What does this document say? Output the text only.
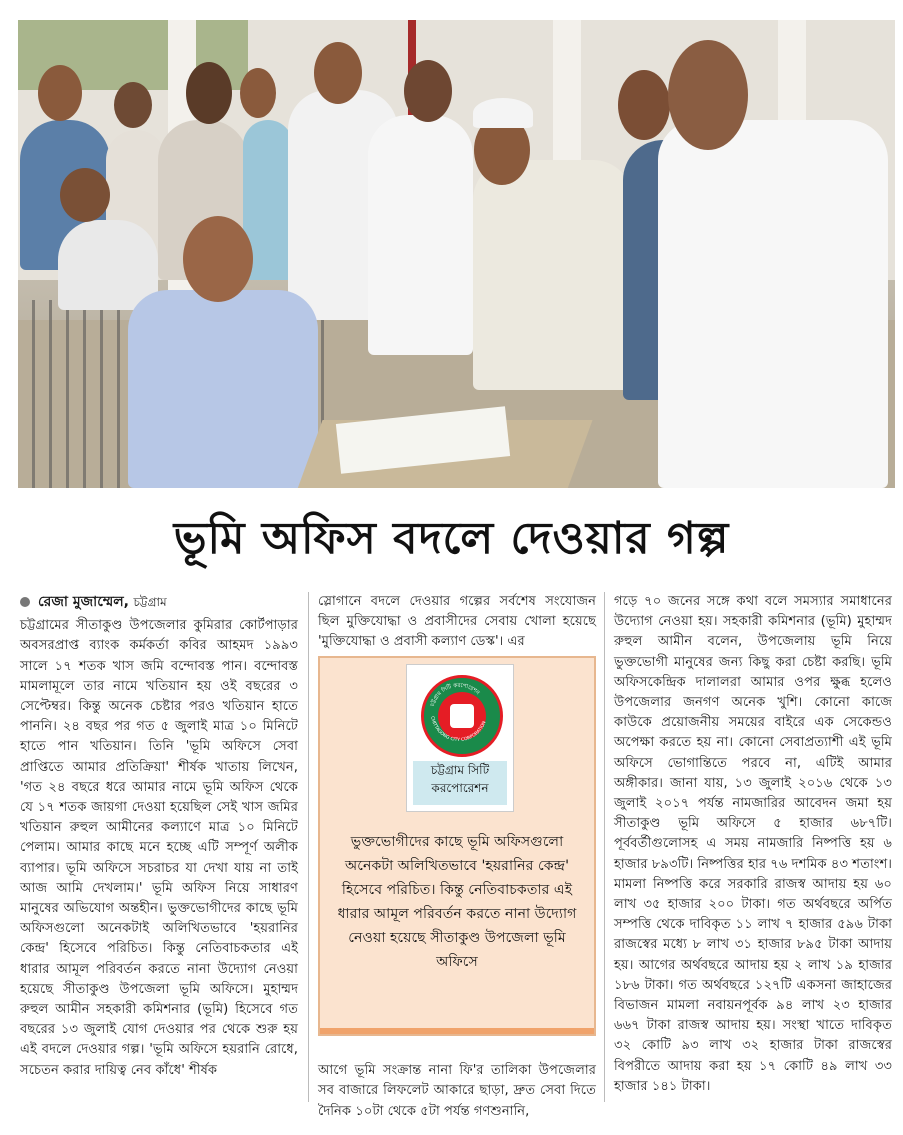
ভূমি অফিস বদলে দেওয়ার গল্প
রেজা মুজাম্মেল, চট্টগ্রাম

চট্টগ্রামের সীতাকুণ্ড উপজেলার কুমিরার কোর্টপাড়ার অবসরপ্রাপ্ত ব্যাংক কর্মকর্তা কবির আহমদ ১৯৯৩ সালে ১৭ শতক খাস জমি বন্দোবস্ত পান। বন্দোবস্ত মামলামূলে তার নামে খতিয়ান হয় ওই বছরের ৩ সেপ্টেম্বর। কিন্তু অনেক চেষ্টার পরও খতিয়ান হাতে পাননি। ২৪ বছর পর গত ৫ জুলাই মাত্র ১০ মিনিটে হাতে পান খতিয়ান। তিনি 'ভূমি অফিসে সেবা প্রাপ্তিতে আমার প্রতিক্রিয়া' শীর্ষক খাতায় লিখেন, 'গত ২৪ বছরে ধরে আমার নামে ভূমি অফিস থেকে যে ১৭ শতক জায়গা দেওয়া হয়েছিল সেই খাস জমির খতিয়ান রুহুল আমীনের কল্যাণে মাত্র ১০ মিনিটে পেলাম। আমার কাছে মনে হচ্ছে এটি সম্পূর্ণ অলীক ব্যাপার। ভূমি অফিসে সচরাচর যা দেখা যায় না তাই আজ আমি দেখলাম।' ভূমি অফিস নিয়ে সাধারণ মানুষের অভিযোগ অন্তহীন। ভুক্তভোগীদের কাছে ভূমি অফিসগুলো অনেকটাই অলিখিতভাবে 'হয়রানির কেন্দ্র' হিসেবে পরিচিত। কিন্তু নেতিবাচকতার এই ধারার আমূল পরিবর্তন করতে নানা উদ্যোগ নেওয়া হয়েছে সীতাকুণ্ড উপজেলা ভূমি অফিসে। মুহাম্মদ রুহুল আমীন সহকারী কমিশনার (ভূমি) হিসেবে গত বছরের ১৩ জুলাই যোগ দেওয়ার পর থেকে শুরু হয় এই বদলে দেওয়ার গল্প। 'ভূমি অফিসে হয়রানি রোধে, সচেতন করার দায়িত্ব নেব কাঁধে' শীর্ষক

স্লোগানে বদলে দেওয়ার গল্পের সর্বশেষ সংযোজন ছিল মুক্তিযোদ্ধা ও প্রবাসীদের সেবায় খোলা হয়েছে 'মুক্তিযোদ্ধা ও প্রবাসী কল্যাণ ডেস্ক'। এর

চট্টগ্রাম সিটি করপোরেশন
CHITTAGONG CITY CORPORATION
চট্টগ্রাম সিটি করপোরেশন
ভুক্তভোগীদের কাছে ভূমি অফিসগুলো অনেকটা অলিখিতভাবে 'হয়রানির কেন্দ্র' হিসেবে পরিচিত। কিন্তু নেতিবাচকতার এই ধারার আমূল পরিবর্তন করতে নানা উদ্যোগ নেওয়া হয়েছে সীতাকুণ্ড উপজেলা ভূমি অফিসে

আগে ভূমি সংক্রান্ত নানা ফি'র তালিকা উপজেলার সব বাজারে লিফলেট আকারে ছাড়া, দ্রুত সেবা দিতে দৈনিক ১০টা থেকে ৫টা পর্যন্ত গণশুনানি,

গড়ে ৭০ জনের সঙ্গে কথা বলে সমস্যার সমাধানের উদ্যোগ নেওয়া হয়। সহকারী কমিশনার (ভূমি) মুহাম্মদ রুহুল আমীন বলেন, উপজেলায় ভূমি নিয়ে ভুক্তভোগী মানুষের জন্য কিছু করা চেষ্টা করছি। ভূমি অফিসকেন্দ্রিক দালালরা আমার ওপর ক্ষুব্ধ হলেও উপজেলার জনগণ অনেক খুশি। কোনো কাজে কাউকে প্রয়োজনীয় সময়ের বাইরে এক সেকেন্ডও অপেক্ষা করতে হয় না। কোনো সেবাপ্রত্যাশী এই ভূমি অফিসে ভোগান্তিতে পরবে না, এটিই আমার অঙ্গীকার। জানা যায়, ১৩ জুলাই ২০১৬ থেকে ১৩ জুলাই ২০১৭ পর্যন্ত নামজারির আবেদন জমা হয় সীতাকুণ্ড ভূমি অফিসে ৫ হাজার ৬৮৭টি। পূর্ববর্তীগুলোসহ এ সময় নামজারি নিষ্পত্তি হয় ৬ হাজার ৮৯৩টি। নিষ্পত্তির হার ৭৬ দশমিক ৪৩ শতাংশ। মামলা নিষ্পত্তি করে সরকারি রাজস্ব আদায় হয় ৬০ লাখ ৩৫ হাজার ২০০ টাকা। গত অর্থবছরে অর্পিত সম্পত্তি থেকে দাবিকৃত ১১ লাখ ৭ হাজার ৫৯৬ টাকা রাজস্বের মধ্যে ৮ লাখ ৩১ হাজার ৮৯৫ টাকা আদায় হয়। আগের অর্থবছরে আদায় হয় ২ লাখ ১৯ হাজার ১৮৬ টাকা। গত অর্থবছরে ১২৭টি একসনা জাহাজের বিভাজন মামলা নবায়নপূর্বক ৯৪ লাখ ২৩ হাজার ৬৬৭ টাকা রাজস্ব আদায় হয়। সংস্থা খাতে দাবিকৃত ৩২ কোটি ৯৩ লাখ ৩২ হাজার টাকা রাজস্বের বিপরীতে আদায় করা হয় ১৭ কোটি ৪৯ লাখ ৩৩ হাজার ১৪১ টাকা।
